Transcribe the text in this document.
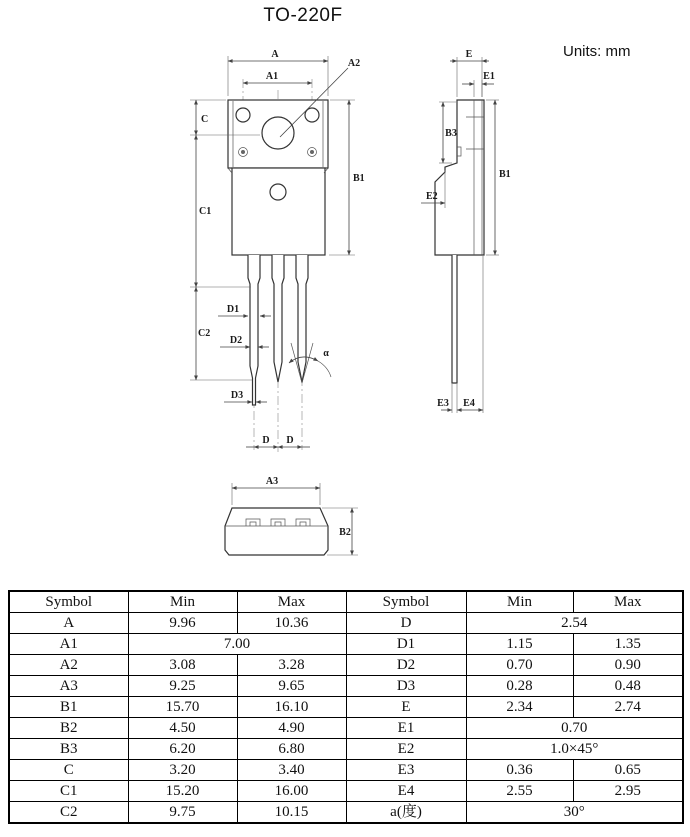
TO-220F
Units: mm
A
A1
A2
C
C1
C2
B1
D1
D2
D3
α
D D
E
E1
B3
B1
E2
E3 E4
A3
B2
Symbol	Min	Max	Symbol	Min	Max
A	9.96	10.36	D	2.54	
A1	7.00		D1	1.15	1.35
A2	3.08	3.28	D2	0.70	0.90
A3	9.25	9.65	D3	0.28	0.48
B1	15.70	16.10	E	2.34	2.74
B2	4.50	4.90	E1	0.70	
B3	6.20	6.80	E2	1.0×45°	
C	3.20	3.40	E3	0.36	0.65
C1	15.20	16.00	E4	2.55	2.95
C2	9.75	10.15	a(度)	30°	
